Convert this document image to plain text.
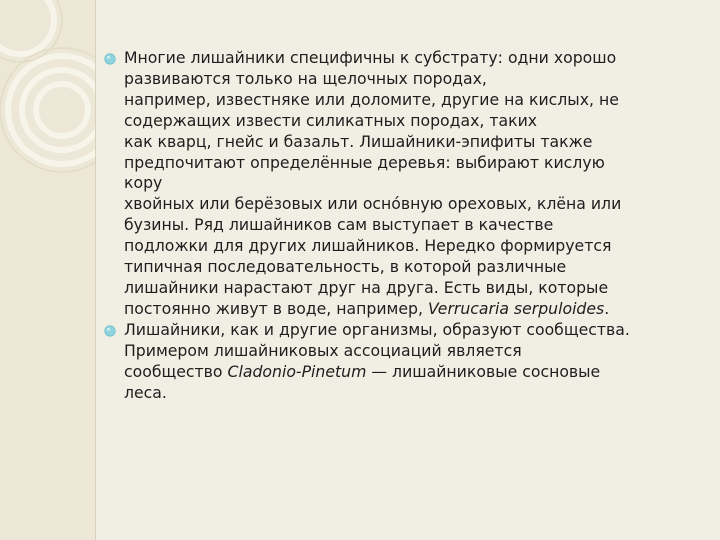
Многие лишайники специфичны к субстрату: одни хорошо
развиваются только на щелочных породах,
например, известняке или доломите, другие на кислых, не
содержащих извести силикатных породах, таких
как кварц, гнейс и базальт. Лишайники-эпифиты также
предпочитают определённые деревья: выбирают кислую
кору
хвойных или берёзовых или осно́вную ореховых, клёна или
бузины. Ряд лишайников сам выступает в качестве
подложки для других лишайников. Нередко формируется
типичная последовательность, в которой различные
лишайники нарастают друг на друга. Есть виды, которые
постоянно живут в воде, например, Verrucaria serpuloides.
Лишайники, как и другие организмы, образуют сообщества.
Примером лишайниковых ассоциаций является
сообщество Cladonio-Pinetum — лишайниковые сосновые
леса.
